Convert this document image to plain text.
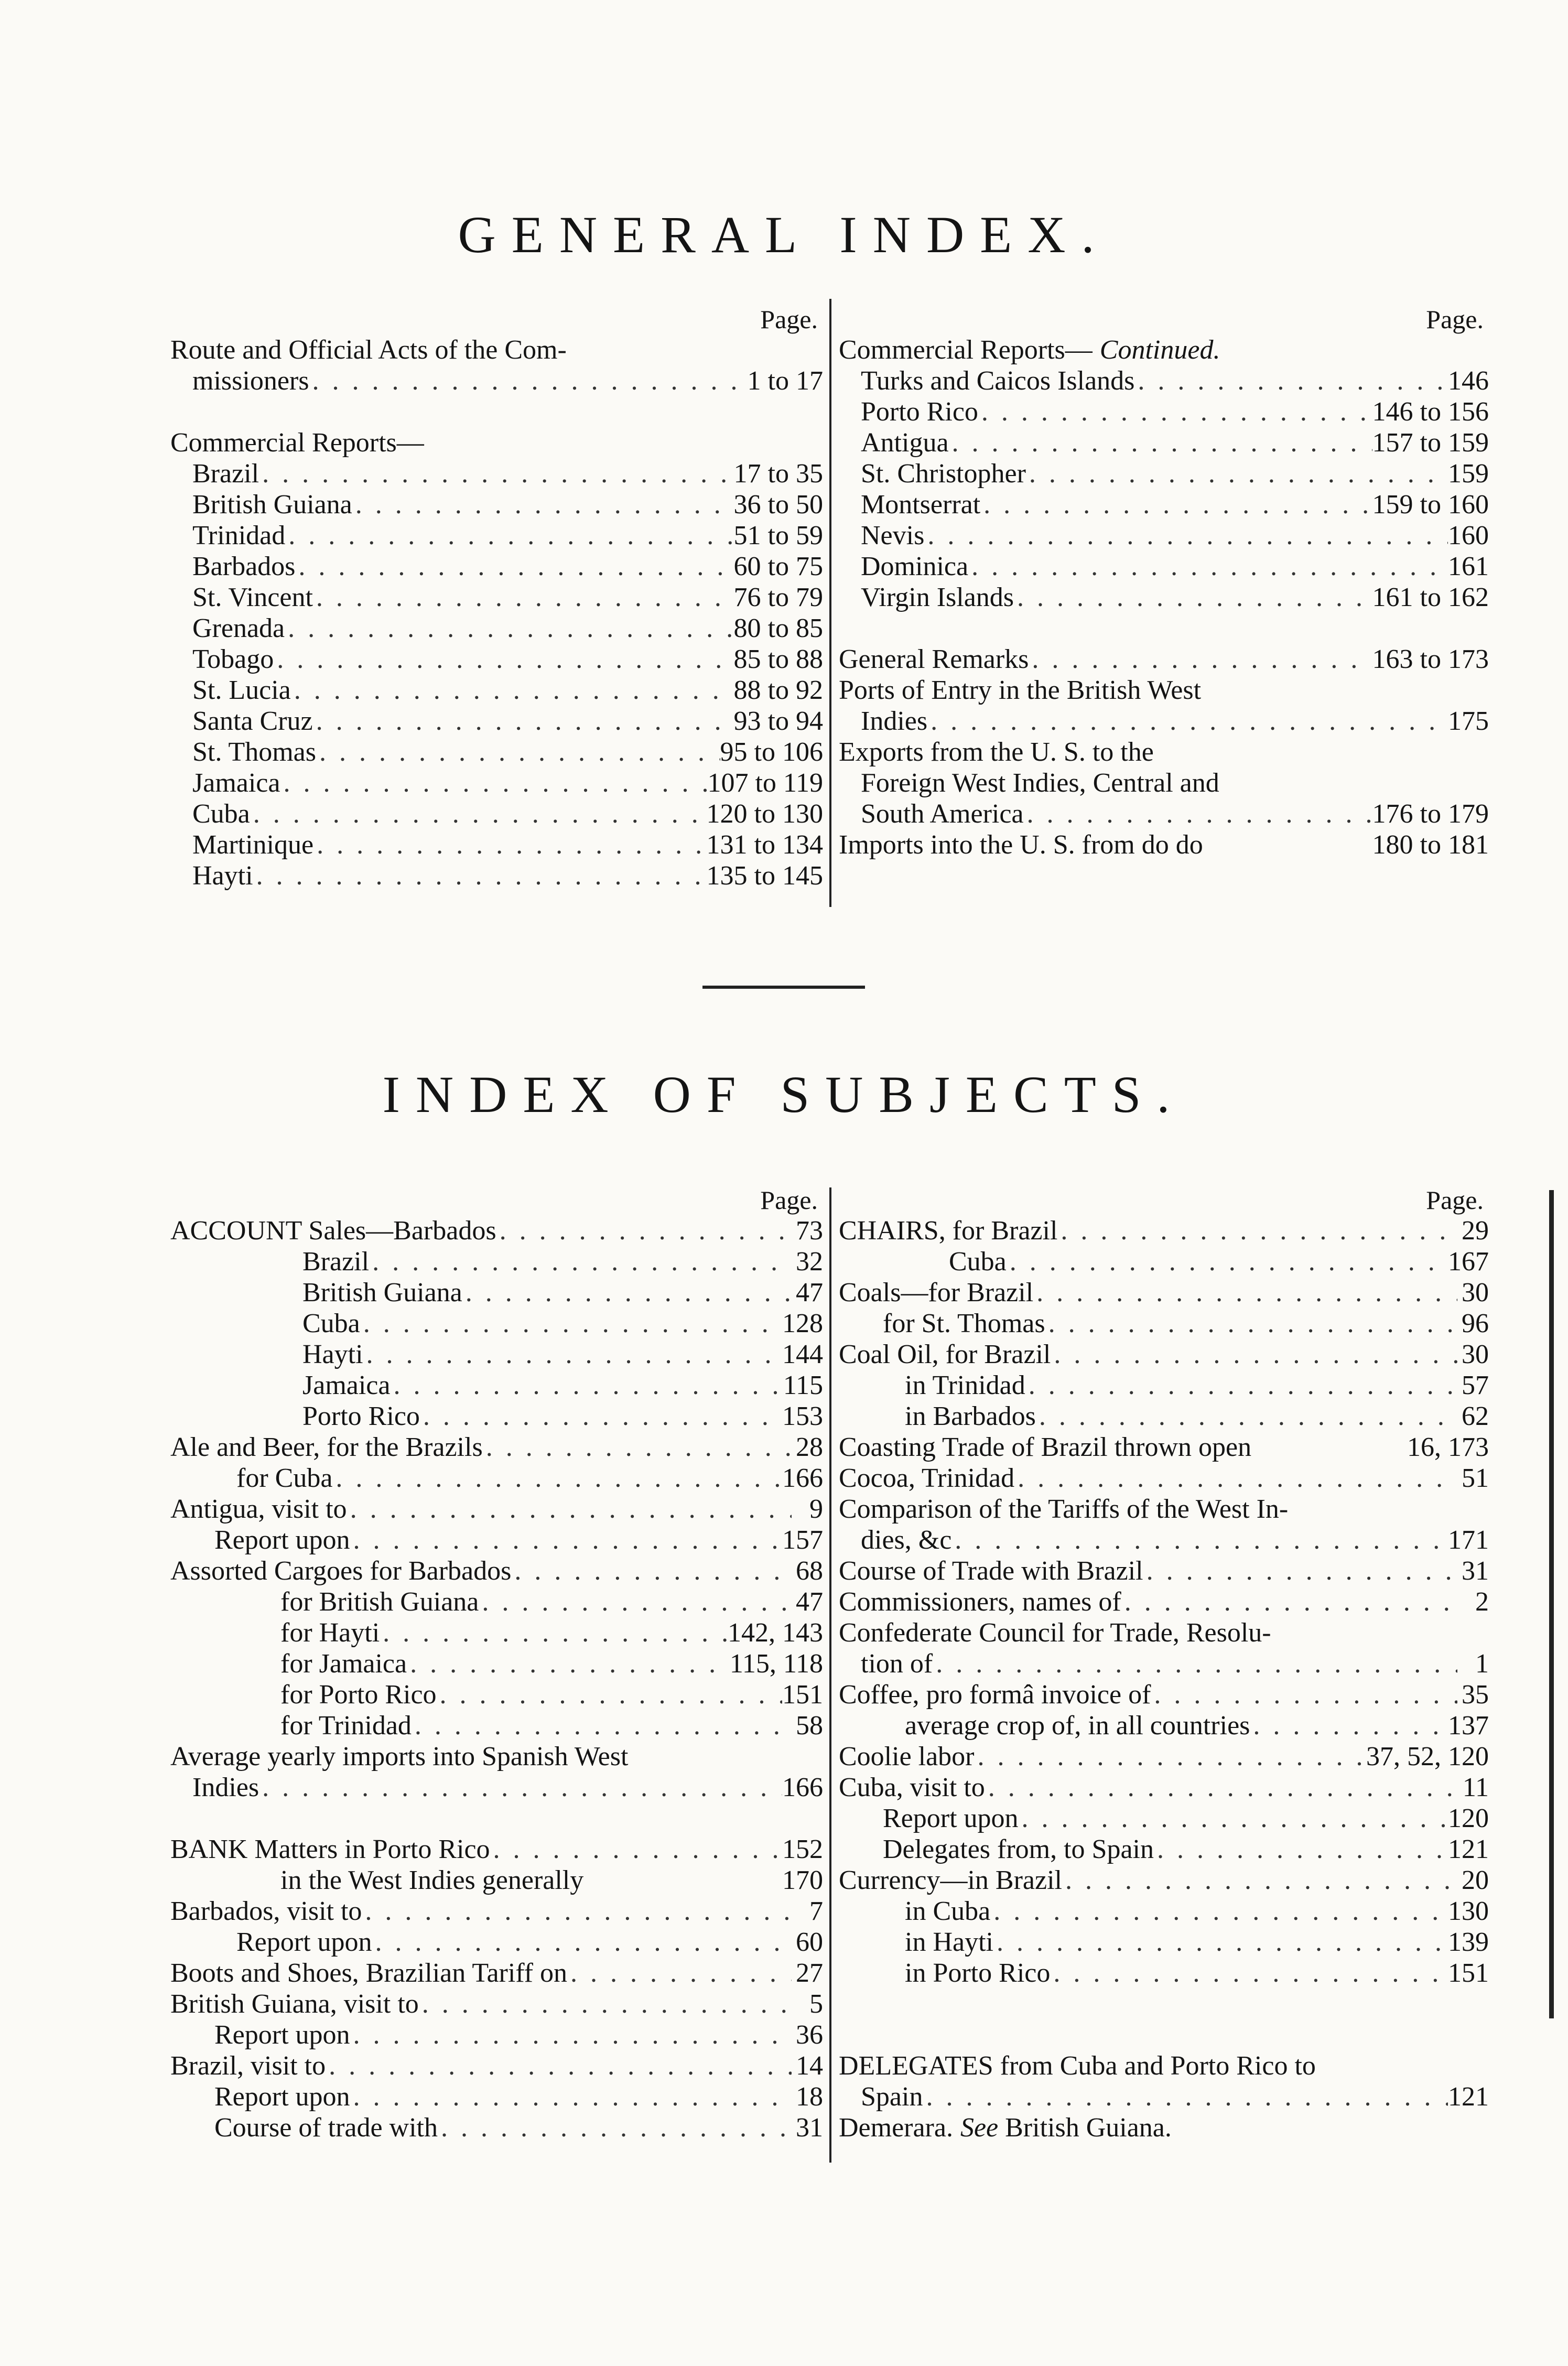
GENERAL INDEX.
Page.
Route and Official Acts of the Com-
missioners . . .	1 to 17
Commercial Reports—
Brazil . . .	17 to 35
British Guiana . . .	36 to 50
Trinidad . . .	51 to 59
Barbados . . .	60 to 75
St. Vincent . . .	76 to 79
Grenada . . .	80 to 85
Tobago . . .	85 to 88
St. Lucia . . .	88 to 92
Santa Cruz . . .	93 to 94
St. Thomas . . .	95 to 106
Jamaica . . .	107 to 119
Cuba . . .	120 to 130
Martinique . . .	131 to 134
Hayti . . .	135 to 145
Page.
Commercial Reports— Continued.
Turks and Caicos Islands . . .	146
Porto Rico . . .	146 to 156
Antigua . . .	157 to 159
St. Christopher . . .	159
Montserrat . . .	159 to 160
Nevis . . .	160
Dominica . . .	161
Virgin Islands . . .	161 to 162
General Remarks . . .	163 to 173
Ports of Entry in the British West
Indies . . .	175
Exports from the U. S. to the
Foreign West Indies, Central and
South America . . .	176 to 179
Imports into the U. S. from do do	180 to 181
INDEX OF SUBJECTS.
Page.
ACCOUNT Sales—Barbados . . .	73
Brazil . . .	32
British Guiana . . .	47
Cuba . . .	128
Hayti . . .	144
Jamaica . . .	115
Porto Rico . . .	153
Ale and Beer, for the Brazils . . .	28
for Cuba . . .	166
Antigua, visit to . . .	9
Report upon . . .	157
Assorted Cargoes for Barbados . . .	68
for British Guiana . . .	47
for Hayti . . .	142, 143
for Jamaica . . .	115, 118
for Porto Rico . . .	151
for Trinidad . . .	58
Average yearly imports into Spanish West
Indies . . .	166
BANK Matters in Porto Rico . . .	152
in the West Indies generally	170
Barbados, visit to . . .	7
Report upon . . .	60
Boots and Shoes, Brazilian Tariff on . . .	27
British Guiana, visit to . . .	5
Report upon . . .	36
Brazil, visit to . . .	14
Report upon . . .	18
Course of trade with . . .	31
Page.
CHAIRS, for Brazil . . .	29
Cuba . . .	167
Coals—for Brazil . . .	30
for St. Thomas . . .	96
Coal Oil, for Brazil . . .	30
in Trinidad . . .	57
in Barbados . . .	62
Coasting Trade of Brazil thrown open	16, 173
Cocoa, Trinidad . . .	51
Comparison of the Tariffs of the West In-
dies, &c . . .	171
Course of Trade with Brazil . . .	31
Commissioners, names of . . .	2
Confederate Council for Trade, Resolu-
tion of . . .	1
Coffee, pro formâ invoice of . . .	35
average crop of, in all countries . . .	137
Coolie labor . . .	37, 52, 120
Cuba, visit to . . .	11
Report upon . . .	120
Delegates from, to Spain . . .	121
Currency—in Brazil . . .	20
in Cuba . . .	130
in Hayti . . .	139
in Porto Rico . . .	151
DELEGATES from Cuba and Porto Rico to
Spain . . .	121
Demerara. See British Guiana.
